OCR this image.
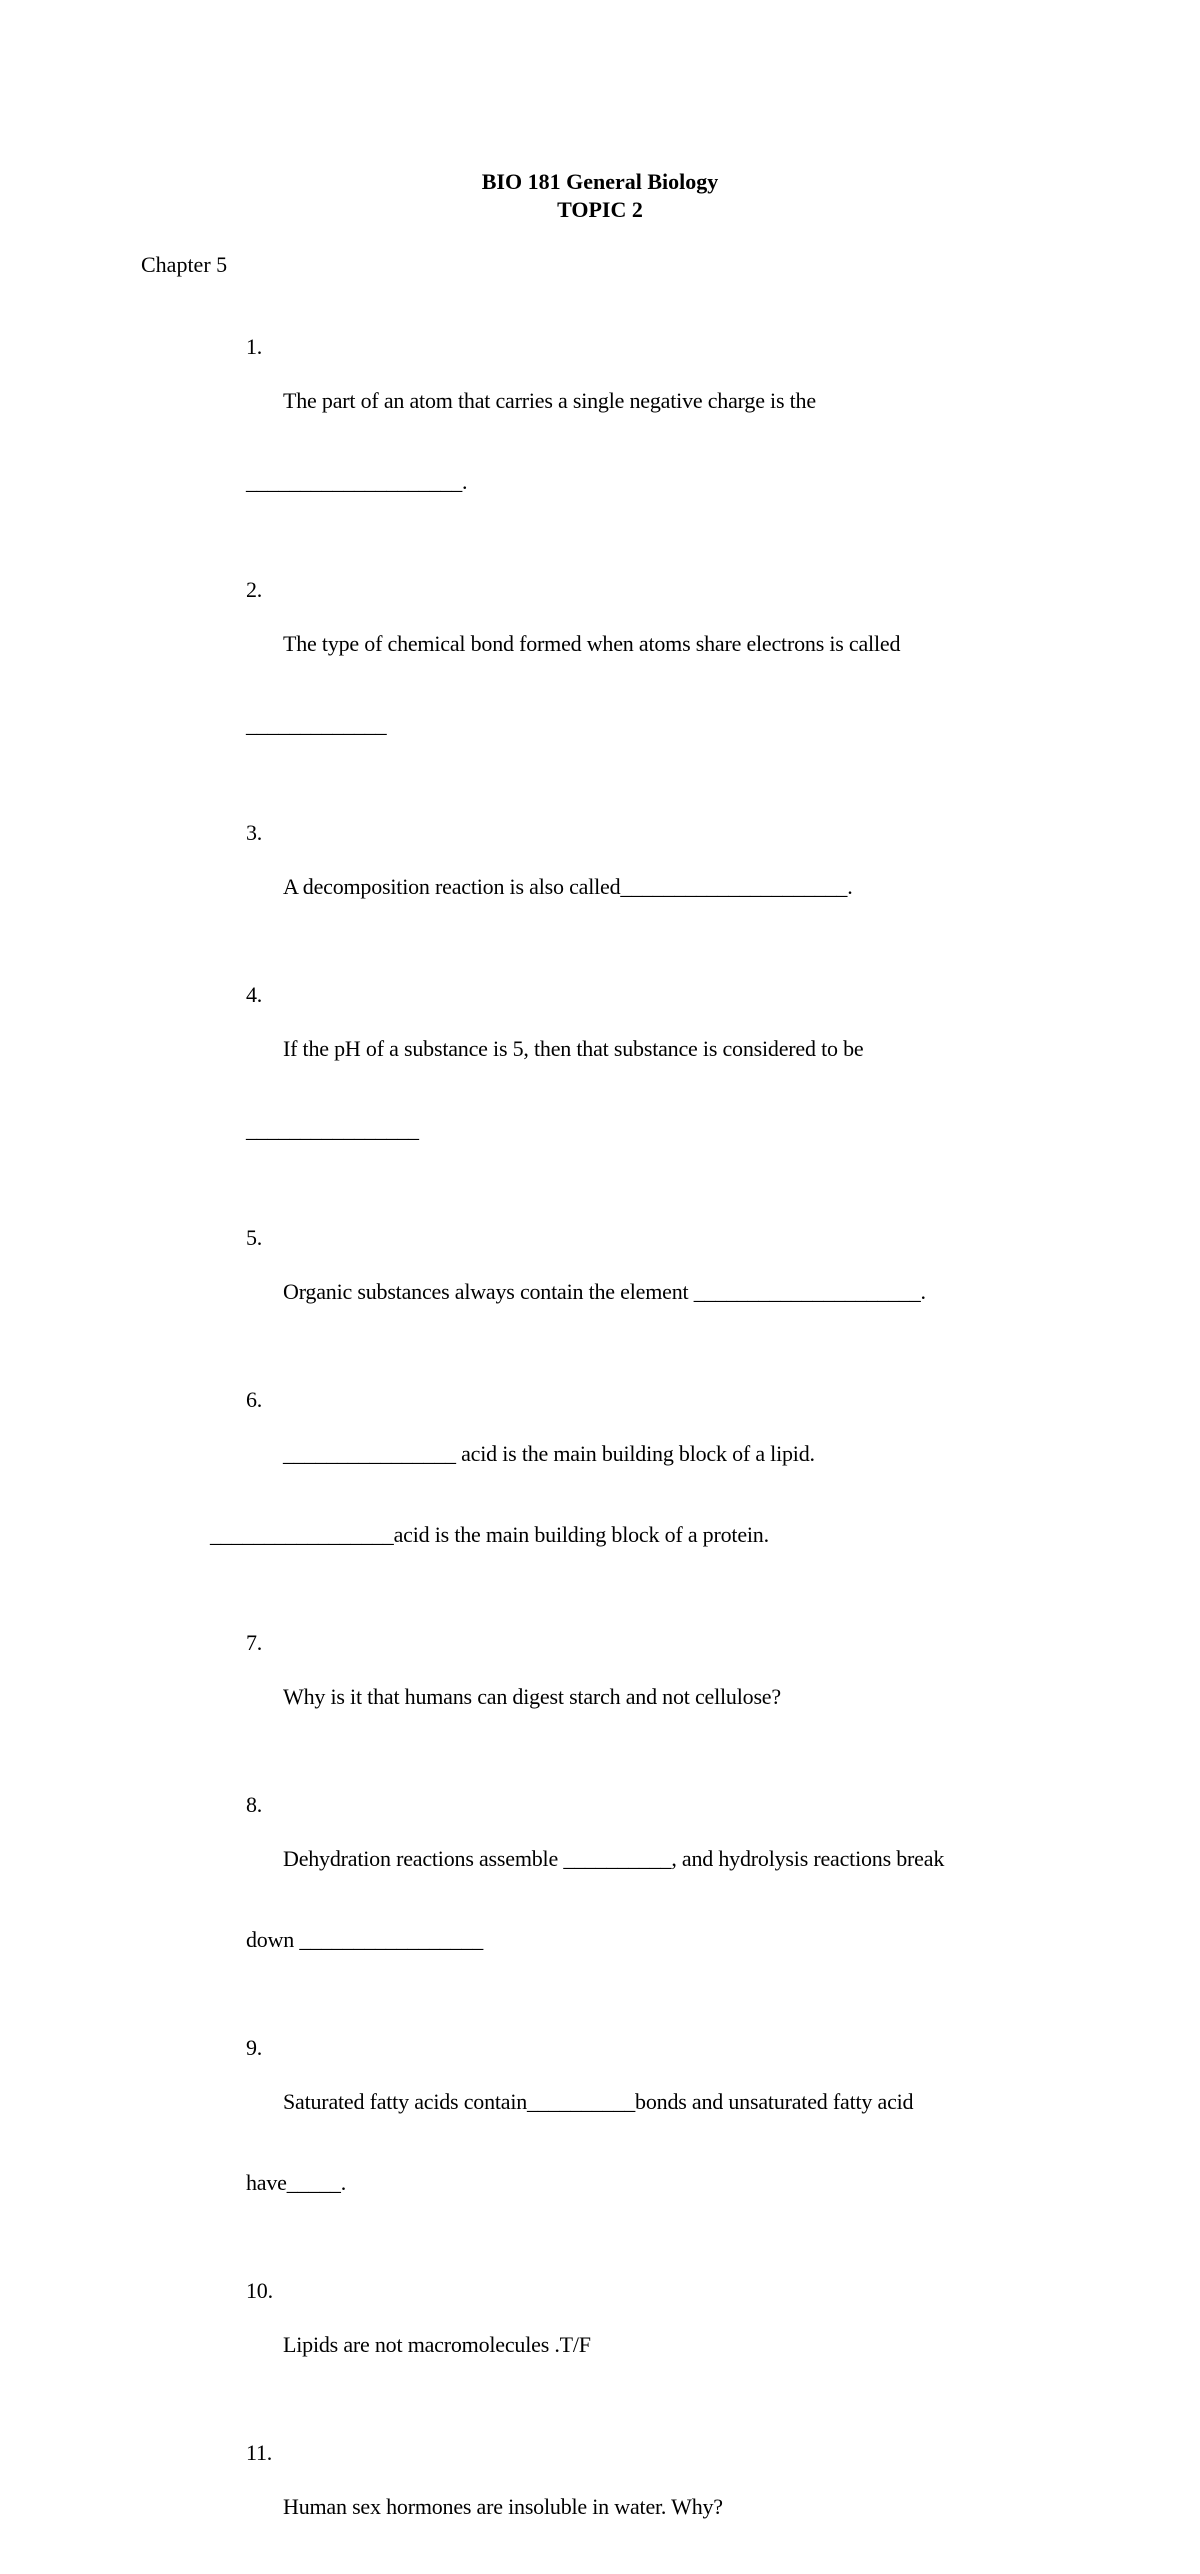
BIO 181 General Biology
TOPIC 2
Chapter 5

1.

The part of an atom that carries a single negative charge is the

____________________.

2.

The type of chemical bond formed when atoms share electrons is called

_____________

3.

A decomposition reaction is also called_____________________.

4.

If the pH of a substance is 5, then that substance is considered to be

________________

5.

Organic substances always contain the element _____________________.

6.

________________ acid is the main building block of a lipid.

_________________acid is the main building block of a protein.

7.

Why is it that humans can digest starch and not cellulose?

8.

Dehydration reactions assemble __________, and hydrolysis reactions break

down _________________

9.

Saturated fatty acids contain__________bonds and unsaturated fatty acid

have_____.

10.

Lipids are not macromolecules .T/F

11.

Human sex hormones are insoluble in water. Why?
